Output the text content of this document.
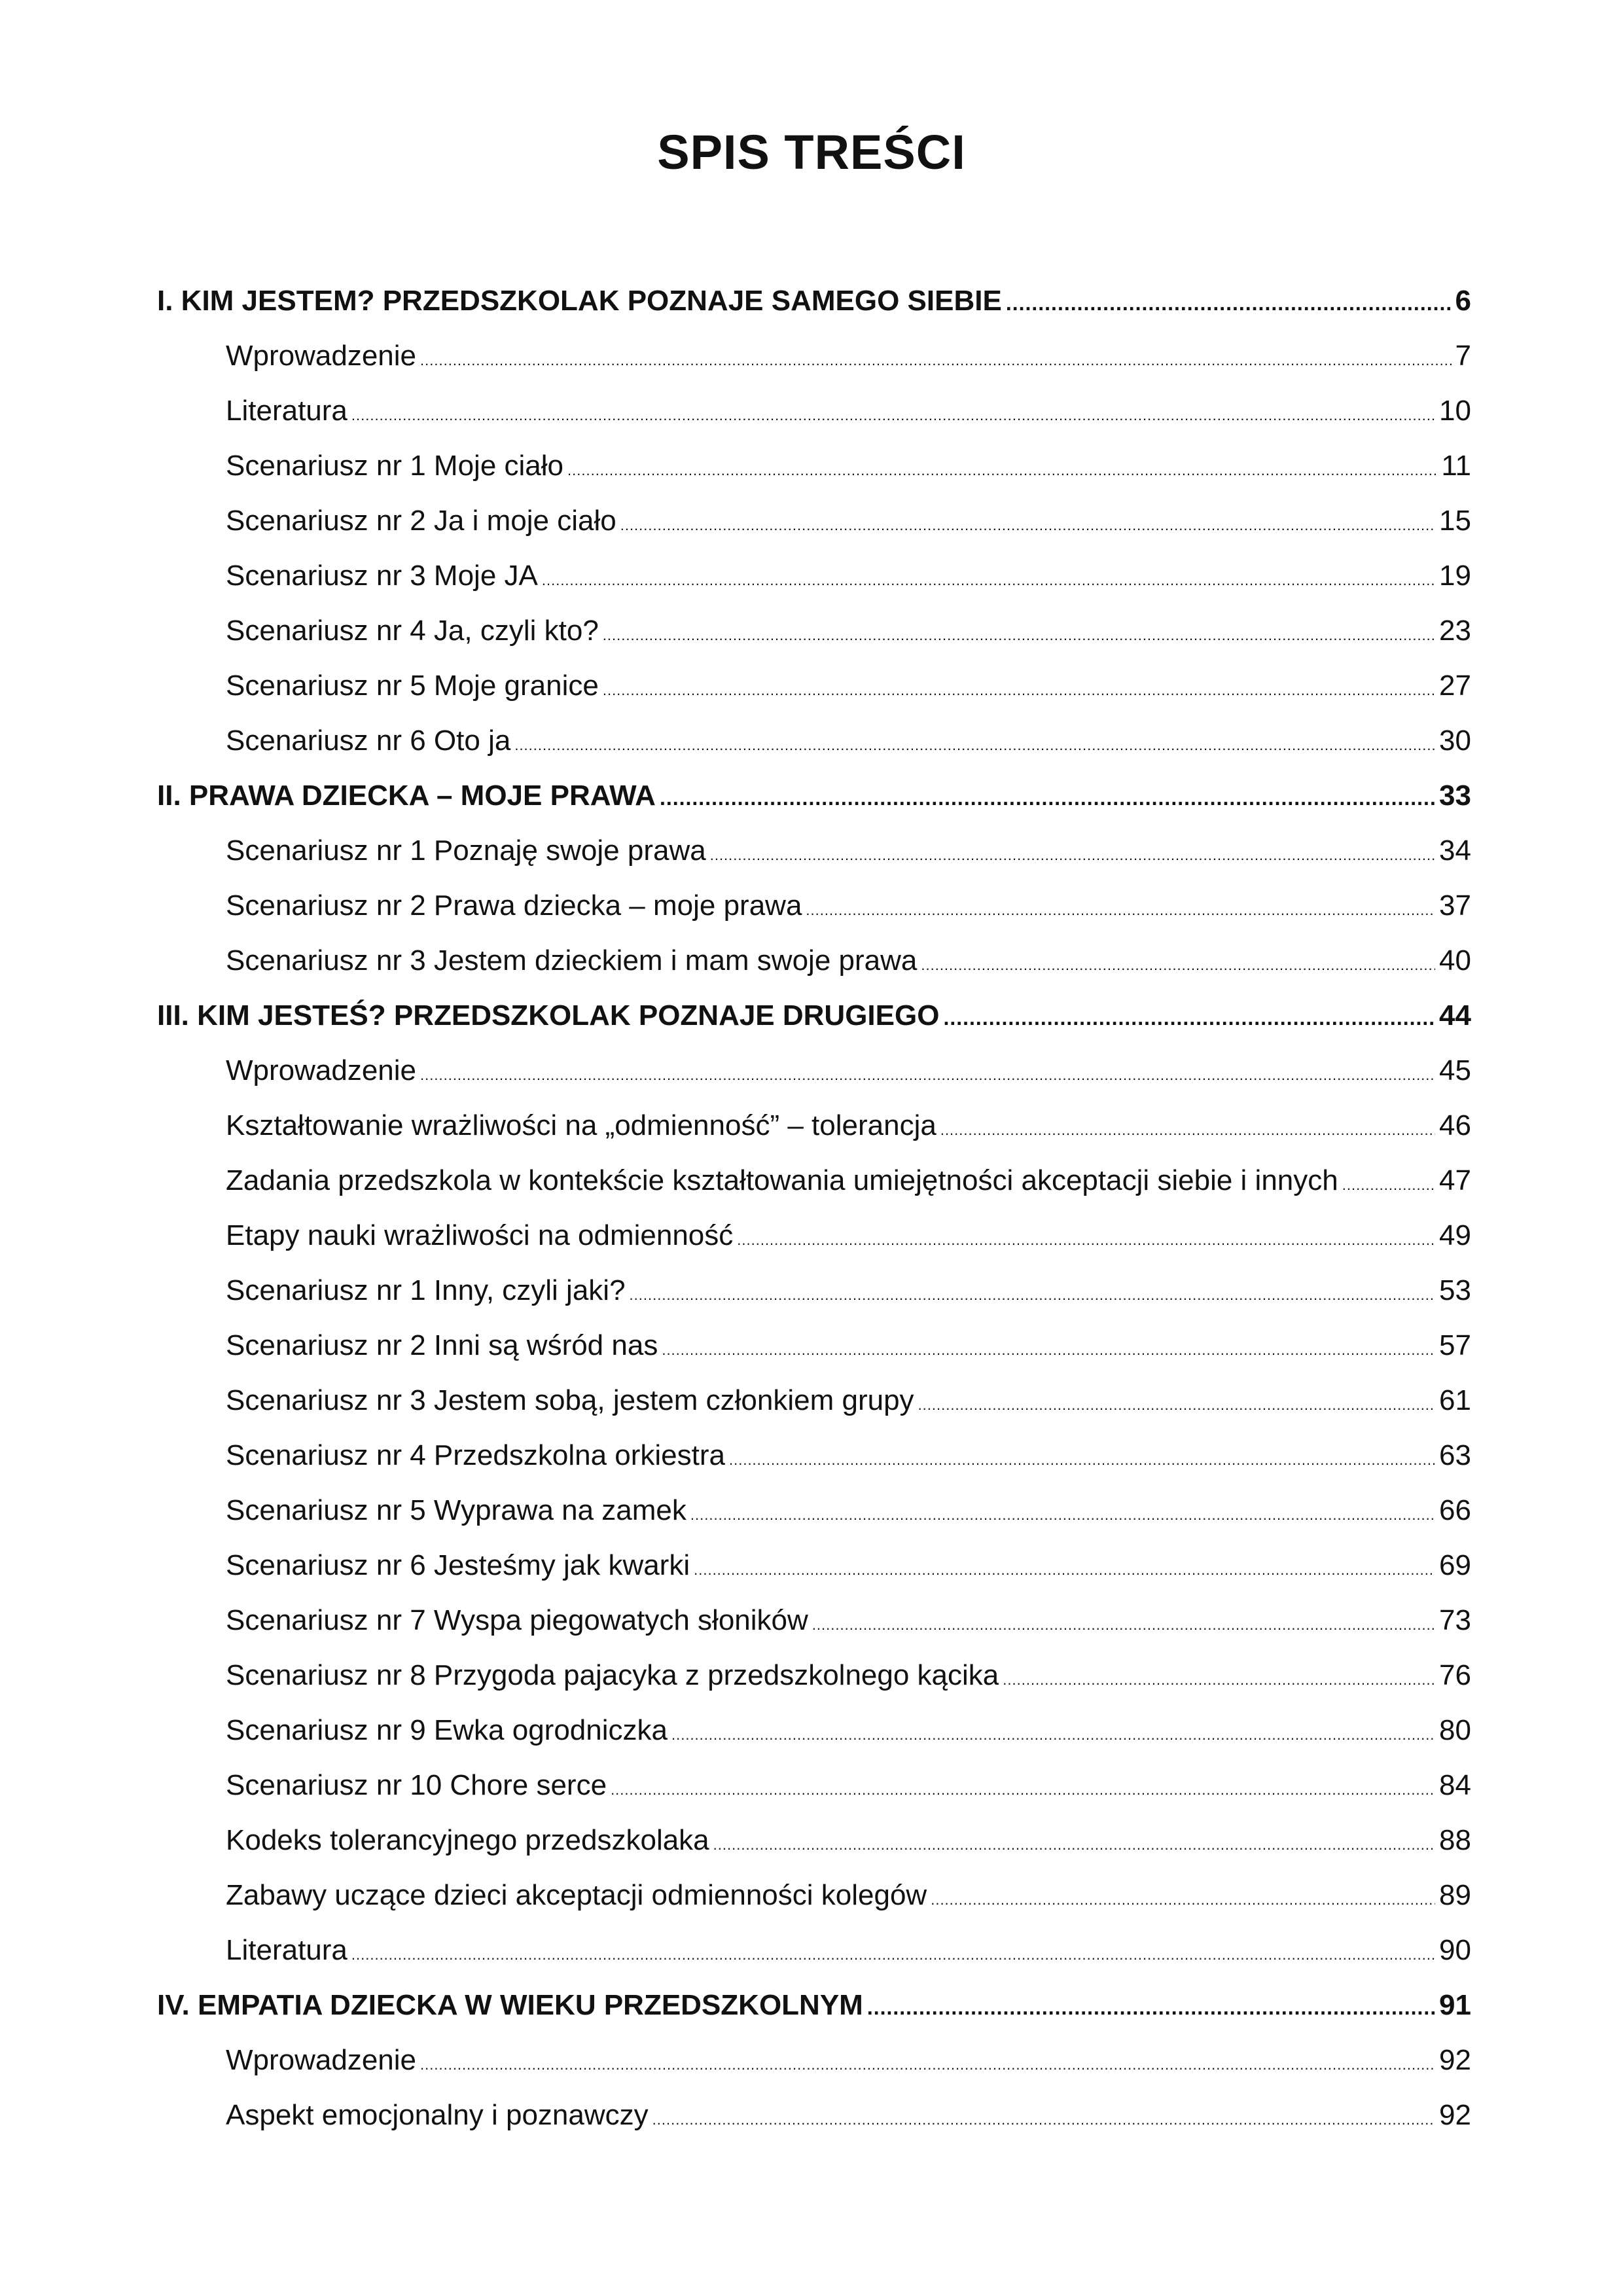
SPIS TREŚCI
I. KIM JESTEM? PRZEDSZKOLAK POZNAJE SAMEGO SIEBIE .....	6
Wprowadzenie .....	7
Literatura .....	10
Scenariusz nr 1 Moje ciało .....	11
Scenariusz nr 2 Ja i moje ciało .....	15
Scenariusz nr 3 Moje JA .....	19
Scenariusz nr 4 Ja, czyli kto? .....	23
Scenariusz nr 5 Moje granice .....	27
Scenariusz nr 6 Oto ja .....	30
II. PRAWA DZIECKA – MOJE PRAWA .....	33
Scenariusz nr 1 Poznaję swoje prawa .....	34
Scenariusz nr 2 Prawa dziecka – moje prawa .....	37
Scenariusz nr 3 Jestem dzieckiem i mam swoje prawa .....	40
III. KIM JESTEŚ? PRZEDSZKOLAK POZNAJE DRUGIEGO .....	44
Wprowadzenie .....	45
Kształtowanie wrażliwości na „odmienność” – tolerancja .....	46
Zadania przedszkola w kontekście kształtowania umiejętności akceptacji siebie i innych .....	47
Etapy nauki wrażliwości na odmienność .....	49
Scenariusz nr 1 Inny, czyli jaki? .....	53
Scenariusz nr 2 Inni są wśród nas .....	57
Scenariusz nr 3 Jestem sobą, jestem członkiem grupy .....	61
Scenariusz nr 4 Przedszkolna orkiestra .....	63
Scenariusz nr 5 Wyprawa na zamek .....	66
Scenariusz nr 6 Jesteśmy jak kwarki .....	69
Scenariusz nr 7 Wyspa piegowatych słoników .....	73
Scenariusz nr 8 Przygoda pajacyka z przedszkolnego kącika .....	76
Scenariusz nr 9 Ewka ogrodniczka .....	80
Scenariusz nr 10 Chore serce .....	84
Kodeks tolerancyjnego przedszkolaka .....	88
Zabawy uczące dzieci akceptacji odmienności kolegów .....	89
Literatura .....	90
IV. EMPATIA DZIECKA W WIEKU PRZEDSZKOLNYM .....	91
Wprowadzenie .....	92
Aspekt emocjonalny i poznawczy .....	92
